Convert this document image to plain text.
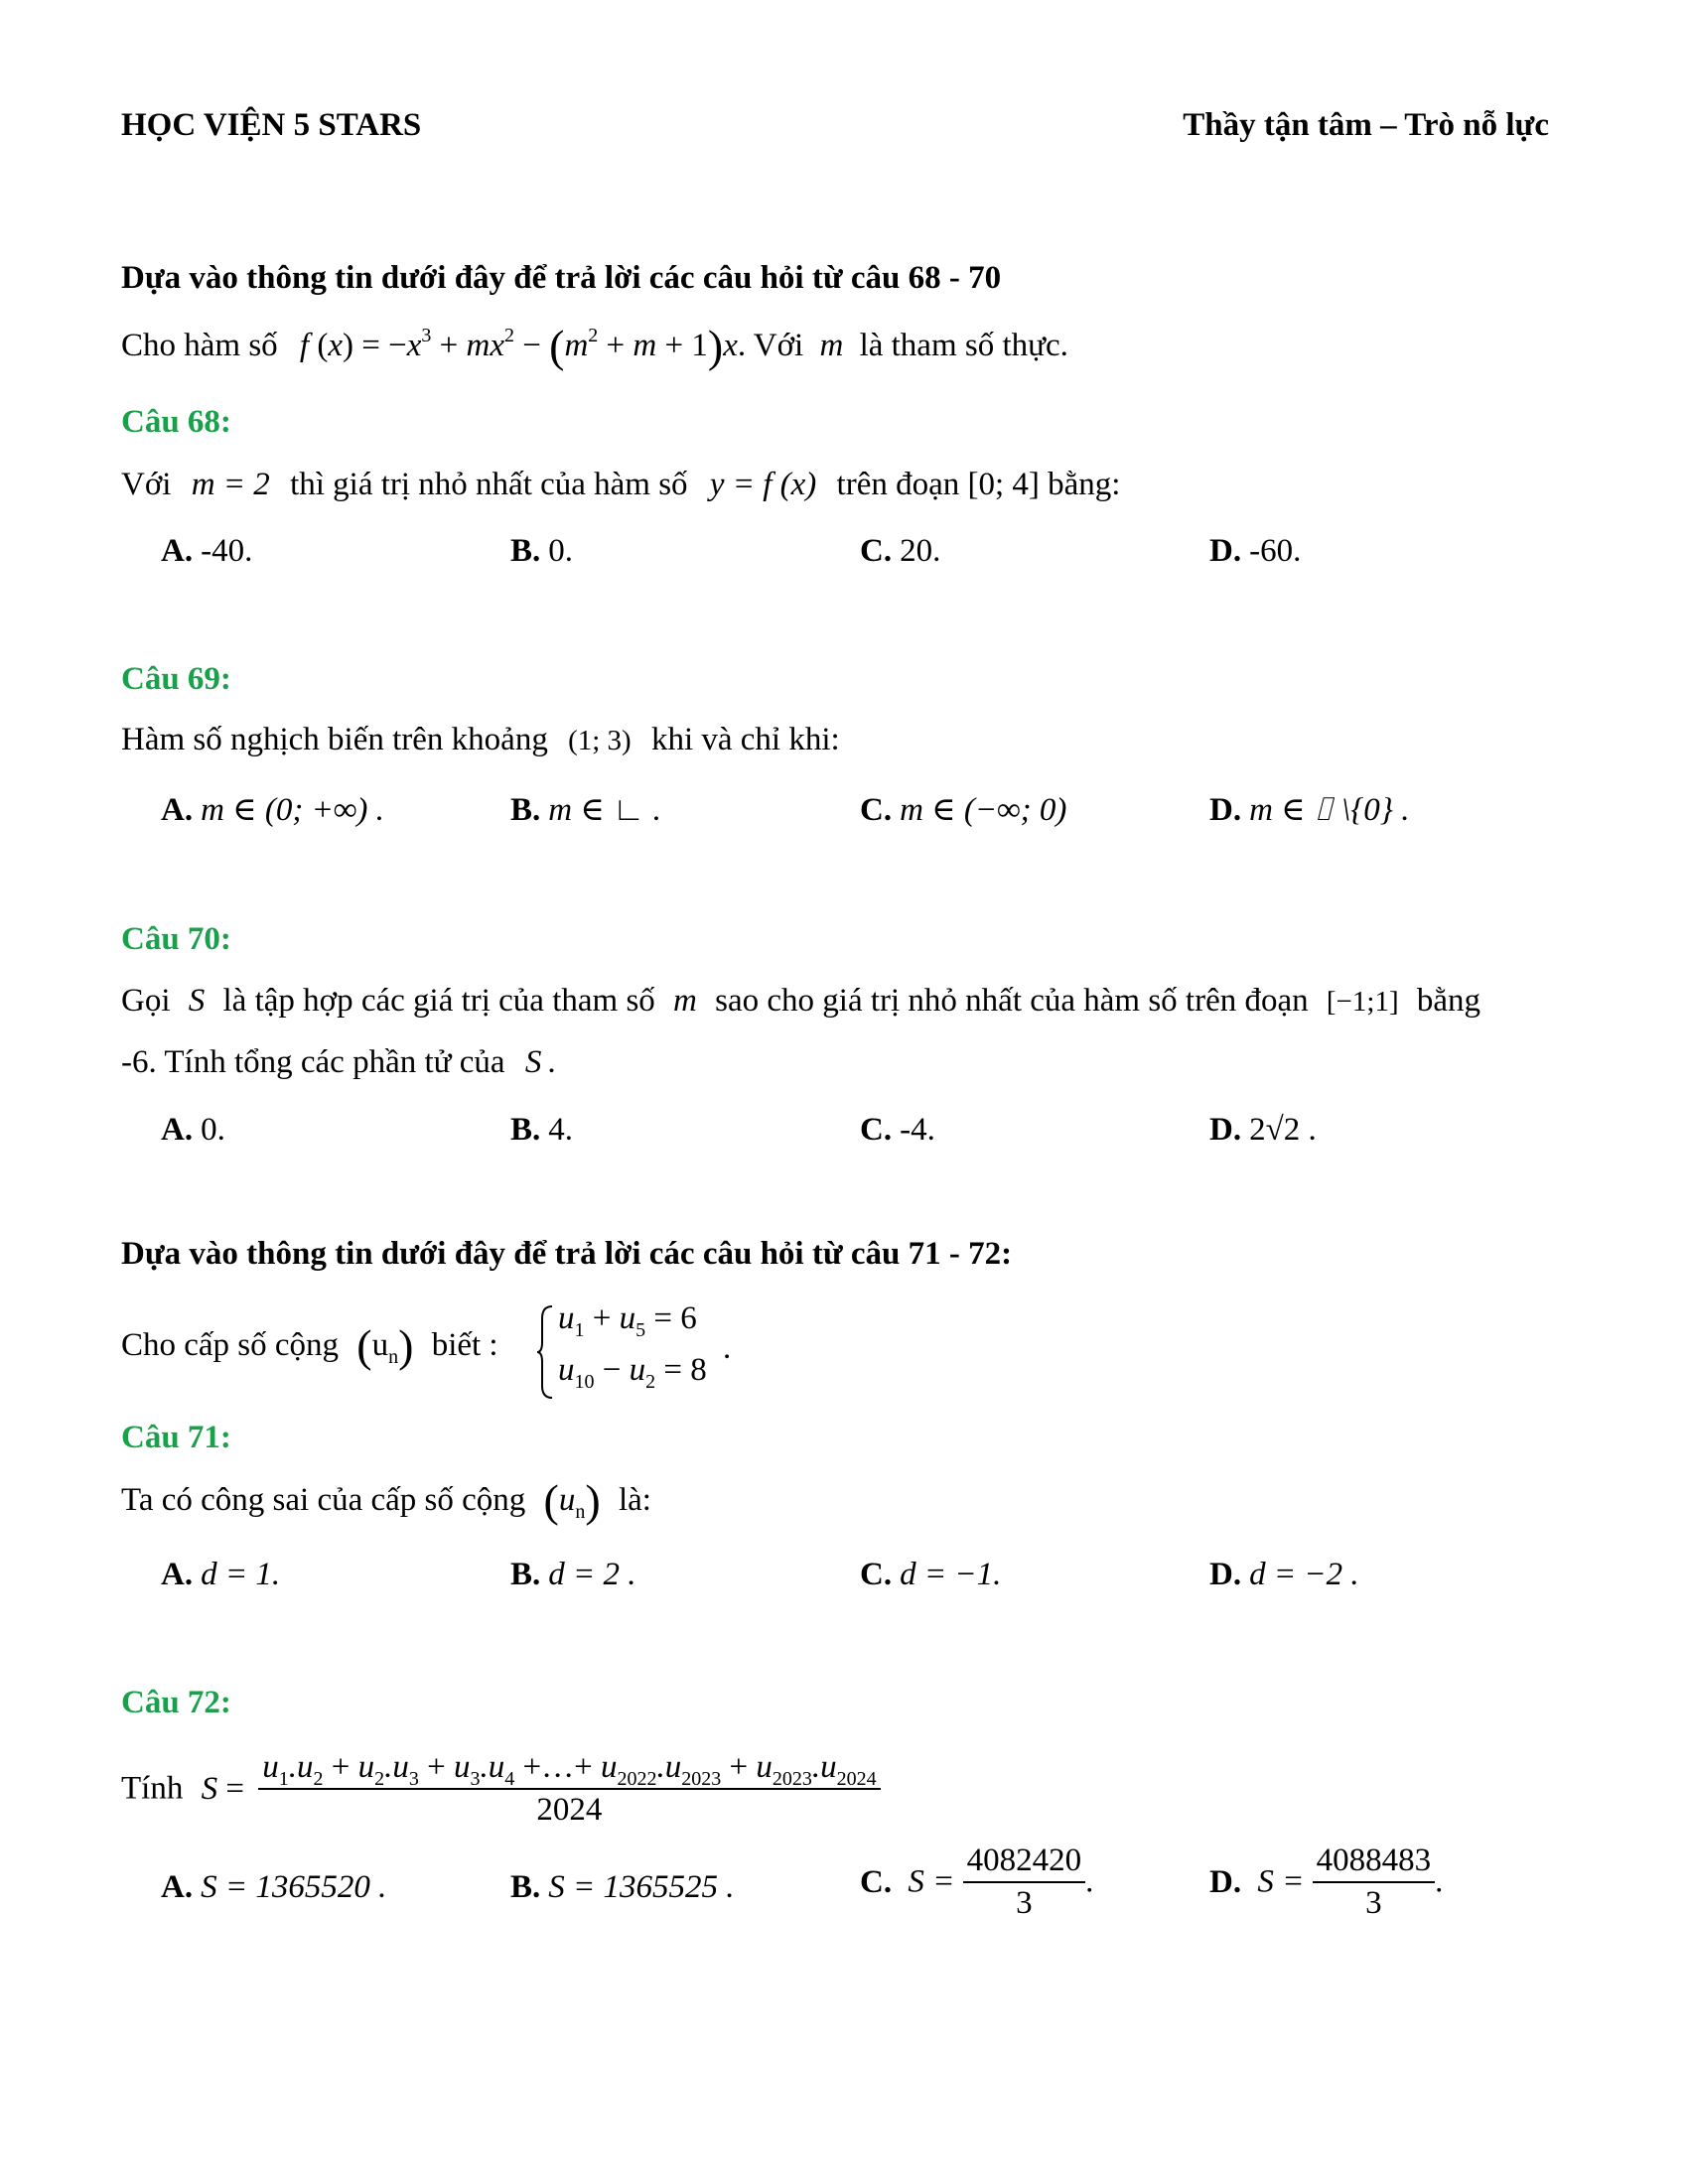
HỌC VIỆN 5 STARS	Thầy tận tâm – Trò nỗ lực
Dựa vào thông tin dưới đây để trả lời các câu hỏi từ câu 68 - 70
Cho hàm số f $(x) = -x^3 + mx^2 - (m^2 + m + 1)x$. Với m là tham số thực.
Câu 68:
Với m = 2 thì giá trị nhỏ nhất của hàm số y = f (x) trên đoạn [0; 4] bằng:
A. -40.	B. 0.	C. 20.	D. -60.
Câu 69:
Hàm số nghịch biến trên khoảng (1; 3) khi và chỉ khi:
A. m ∈ (0; +∞) .	B. m ∈ ∟ .	C. m ∈ (−∞; 0)	D. m ∈ ⌷ \{0} .
Câu 70:
Gọi S là tập hợp các giá trị của tham số m sao cho giá trị nhỏ nhất của hàm số trên đoạn [−1;1] bằng
-6. Tính tổng các phần tử của S .
A. 0.	B. 4.	C. -4.	D. 2√2 .
Dựa vào thông tin dưới đây để trả lời các câu hỏi từ câu 71 - 72:
Cho cấp số cộng $(u_n)$ biết :
$u_1 + u_5 = 6$
$u_{10} - u_2 = 8$
.
Câu 71:
Ta có công sai của cấp số cộng $(u_n)$ là:
A. d = 1.	B. d = 2 .	C. d = −1.	D. d = −2 .
Câu 72:
Tính $S = \frac{u_1.u_2 + u_2.u_3 + u_3.u_4 +\dots+ u_{2022}.u_{2023} + u_{2023}.u_{2024}}{2024}$
A. S = 1365520 .	B. S = 1365525 .	C. $S = \frac{4082420}{3}$ .	D. $S = \frac{4088483}{3}$ .
